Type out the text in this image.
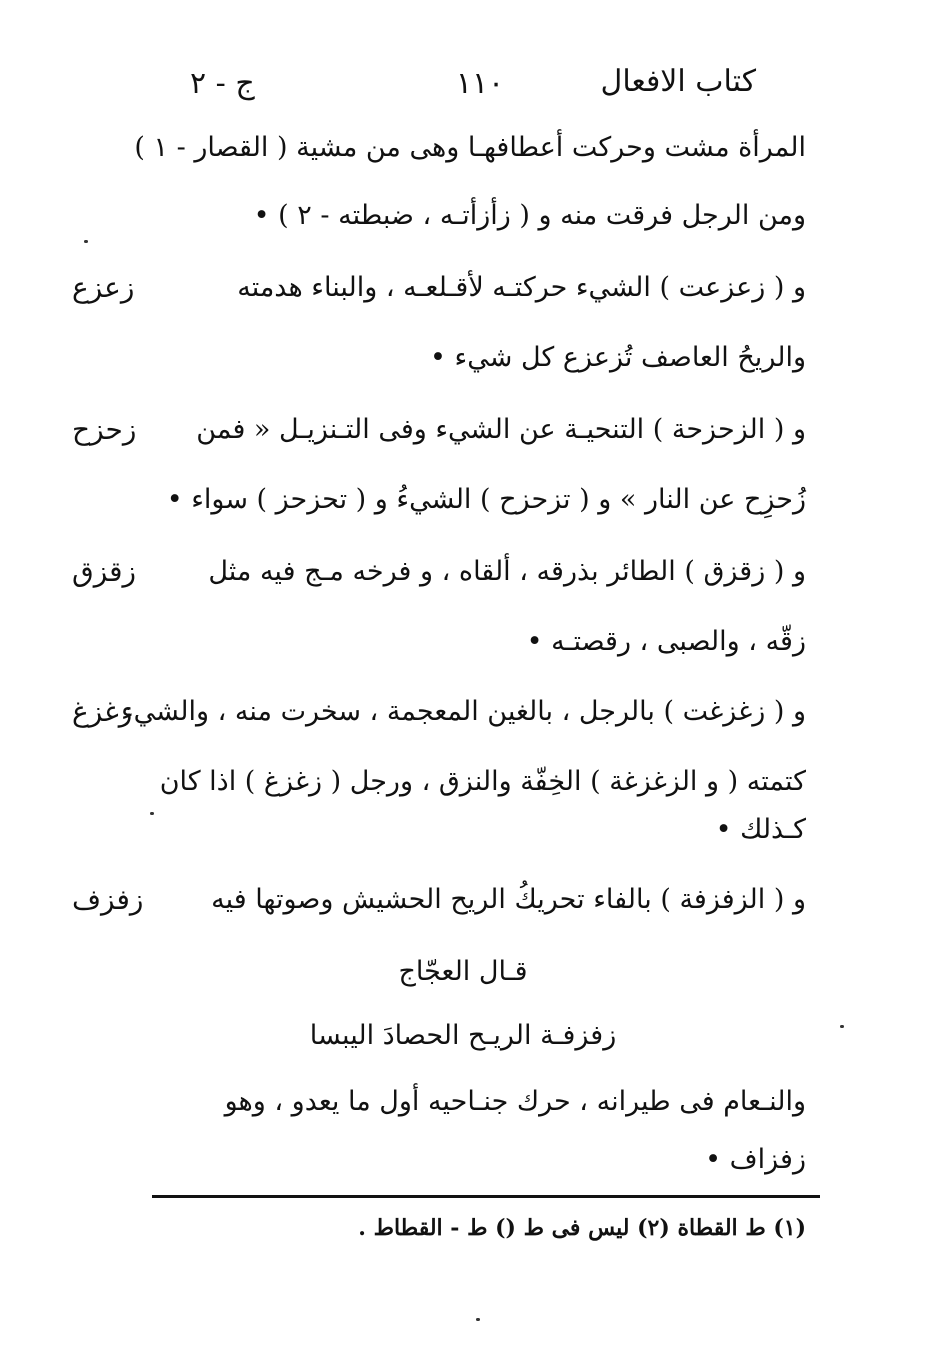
كتاب الافعال
١١٠
ج - ٢
المرأة مشت وحركت أعطافهـا وهى من مشية ( القصار - ١ )
ومن الرجل فرقت منه و ( زأزأتـه ، ضبطته - ٢ ) •
و ( زعزعت ) الشيء حركتـه لأقـلعـه ، والبناء هدمته
زعزع
والريحُ العاصف تُزعزع كل شيء •
و ( الزحزحة ) التنحيـة عن الشيء وفى التـنزيـل « فمن
زحزح
زُحزِح عن النار » و ( تزحزح ) الشيءُ و ( تحزحز ) سواء •
و ( زقزق ) الطائر بذرقه ، ألقاه ، و فرخه مـج فيه مثل
زقزق
زقّه ، والصبى ، رقصتـه •
و ( زغزغت ) بالرجل ، بالغين المعجمة ، سخرت منه ، والشيء
زغزغ
كتمته ( و الزغزغة ) الخِفّة والنزق ، ورجل ( زغزغ ) اذا كان
كـذلك •
و ( الزفزفة ) بالفاء تحريكُ الريح الحشيش وصوتها فيه
زفزف
قـال العجّاج
زفزفـة الريـح الحصادَ اليبسا
والنـعام فى طيرانه ، حرك جنـاحيه أول ما يعدو ، وهو
زفزاف •
(١) ط القطاة (٢) ليس فى ط () ط - القطاط .
